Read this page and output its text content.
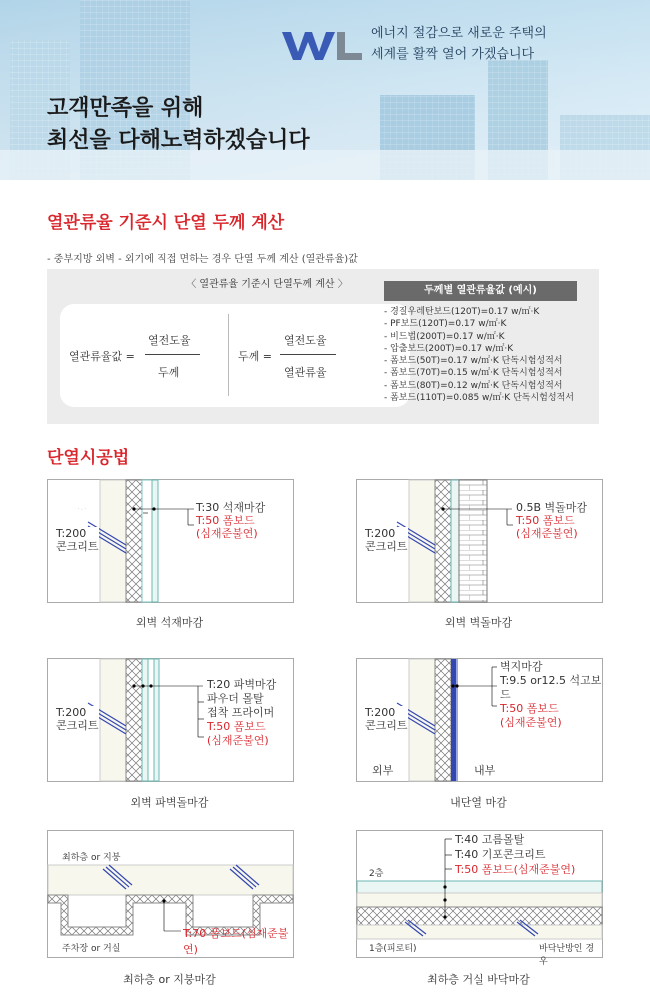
에너지 절감으로 새로운 주택의
세계를 활짝 열어 가겠습니다
고객만족을 위해
최선을 다해노력하겠습니다
열관류율 기준시 단열 두께 계산
- 중부지방 외벽 - 외기에 직접 면하는 경우 단열 두께 계산 (열관류율)값
〈 열관류율 기준시 단열두께 계산 〉
열관류율값 =
열전도율
두께
두께 =
열전도율
열관류율
두께별 열관류율값 (예시)
- 경질우레탄보드(120T)=0.17 w/㎡·K
- PF보드(120T)=0.17 w/㎡·K
- 비드법(200T)=0.17 w/㎡·K
- 압출보드(200T)=0.17 w/㎡·K
- 폼보드(50T)=0.17 w/㎡·K 단독시험성적서
- 폼보드(70T)=0.15 w/㎡·K 단독시험성적서
- 폼보드(80T)=0.12 w/㎡·K 단독시험성적서
- 폼보드(110T)=0.085 w/㎡·K 단독시험성적서
단열시공법
· . ·
T:200
콘크리트
T:30 석재마감
T:50 폼보드
(심재준불연)
외벽 석재마감
T:200
콘크리트
0.5B 벽돌마감
T:50 폼보드
(심재준불연)
외벽 벽돌마감
T:200
콘크리트
T:20 파벽마감
파우더 몰탈
접착 프라이머
T:50 폼보드
(심재준불연)
외벽 파벽돌마감
T:200
콘크리트
벽지마감
T:9.5 or12.5 석고보드
T:50 폼보드
(심재준불연)
외부	내부
내단열 마감
최하층 or 지붕
주차장 or 거실
T:70 폼보드(심재준불연)
최하층 or 지붕마감
T:40 고름몰탈
T:40 기포콘크리트
T:50 폼보드(심재준불연)
2층
1층(피로티)	바닥난방인 경우
최하층 거실 바닥마감
